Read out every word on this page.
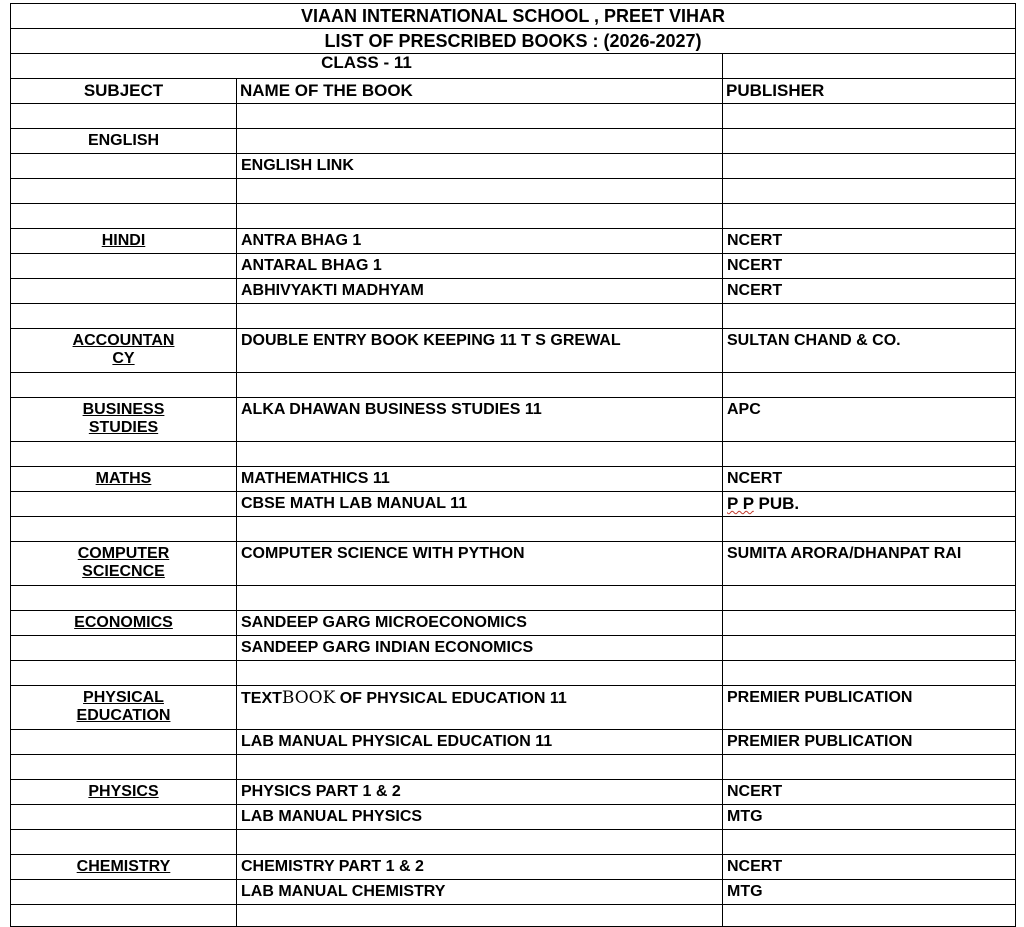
VIAAN INTERNATIONAL SCHOOL , PREET VIHAR		
LIST OF PRESCRIBED BOOKS : (2026-2027)		
CLASS - 11		
SUBJECT	NAME OF THE BOOK	PUBLISHER

ENGLISH		
	ENGLISH LINK	

HINDI	ANTRA BHAG 1	NCERT
	ANTARAL BHAG 1	NCERT
	ABHIVYAKTI MADHYAM	NCERT

ACCOUNTAN
CY	DOUBLE ENTRY BOOK KEEPING 11 T S GREWAL	SULTAN CHAND & CO.

BUSINESS
STUDIES	ALKA DHAWAN BUSINESS STUDIES 11	APC

MATHS	MATHEMATHICS 11	NCERT
	CBSE MATH LAB MANUAL 11	P P PUB.

COMPUTER
SCIECNCE	COMPUTER SCIENCE WITH PYTHON	SUMITA ARORA/DHANPAT RAI

ECONOMICS	SANDEEP GARG MICROECONOMICS	
	SANDEEP GARG INDIAN ECONOMICS	

PHYSICAL
EDUCATION	TEXTBOOK OF PHYSICAL EDUCATION 11	PREMIER PUBLICATION
	LAB MANUAL PHYSICAL EDUCATION 11	PREMIER PUBLICATION

PHYSICS	PHYSICS PART 1 & 2	NCERT
	LAB MANUAL PHYSICS	MTG

CHEMISTRY	CHEMISTRY PART 1 & 2	NCERT
	LAB MANUAL CHEMISTRY	MTG
